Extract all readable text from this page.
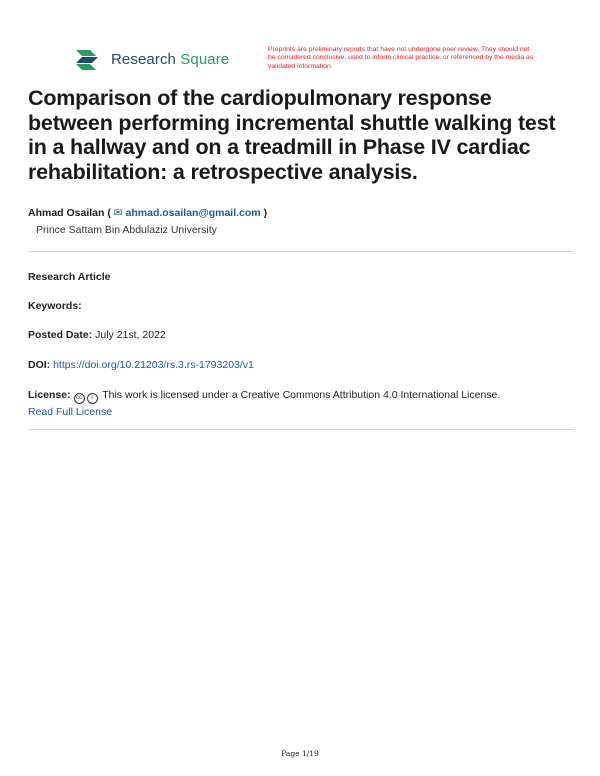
Research Square
Preprints are preliminary reports that have not undergone peer review. They should not be considered conclusive, used to inform clinical practice, or referenced by the media as validated information.
Comparison of the cardiopulmonary response between performing incremental shuttle walking test in a hallway and on a treadmill in Phase IV cardiac rehabilitation: a retrospective analysis.
Ahmad Osailan ( ✉ ahmad.osailan@gmail.com )
Prince Sattam Bin Abdulaziz University
Research Article
Keywords:
Posted Date: July 21st, 2022
DOI: https://doi.org/10.21203/rs.3.rs-1793203/v1
License: cc i This work is licensed under a Creative Commons Attribution 4.0 International License.
Read Full License
Page 1/19
